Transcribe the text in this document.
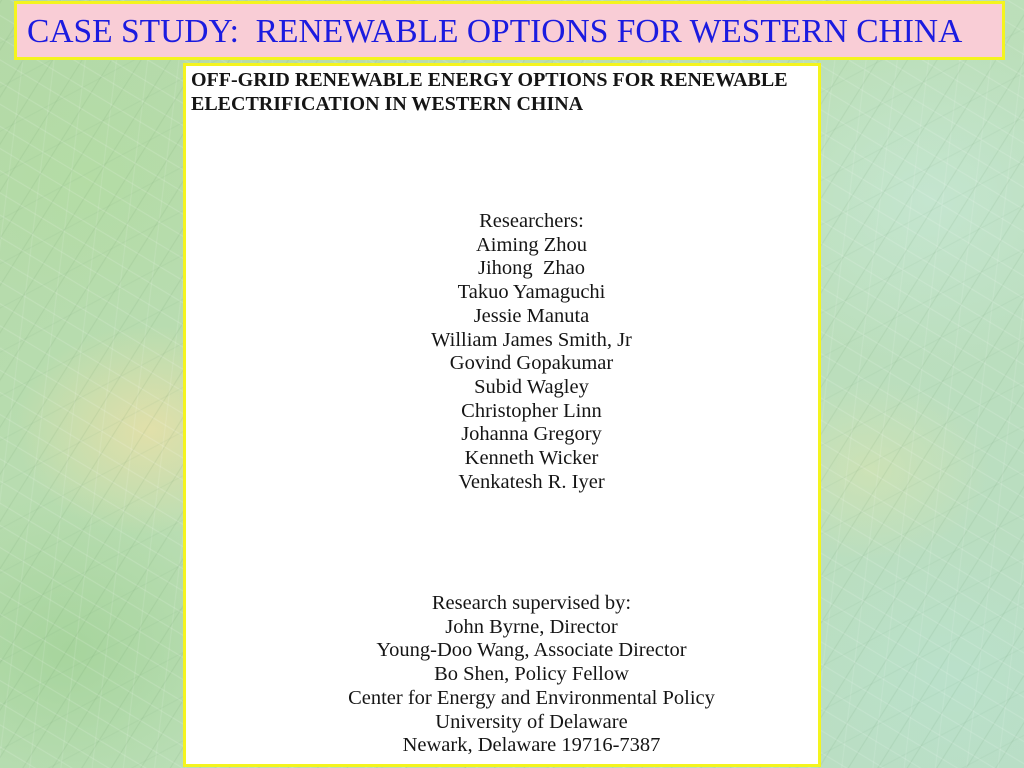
CASE STUDY:  RENEWABLE OPTIONS FOR WESTERN CHINA
OFF-GRID RENEWABLE ENERGY OPTIONS FOR RENEWABLE
ELECTRIFICATION IN WESTERN CHINA
Researchers:
Aiming Zhou
Jihong  Zhao
Takuo Yamaguchi
Jessie Manuta
William James Smith, Jr
Govind Gopakumar
Subid Wagley
Christopher Linn
Johanna Gregory
Kenneth Wicker
Venkatesh R. Iyer
Research supervised by:
John Byrne, Director
Young-Doo Wang, Associate Director
Bo Shen, Policy Fellow
Center for Energy and Environmental Policy
University of Delaware
Newark, Delaware 19716-7387
